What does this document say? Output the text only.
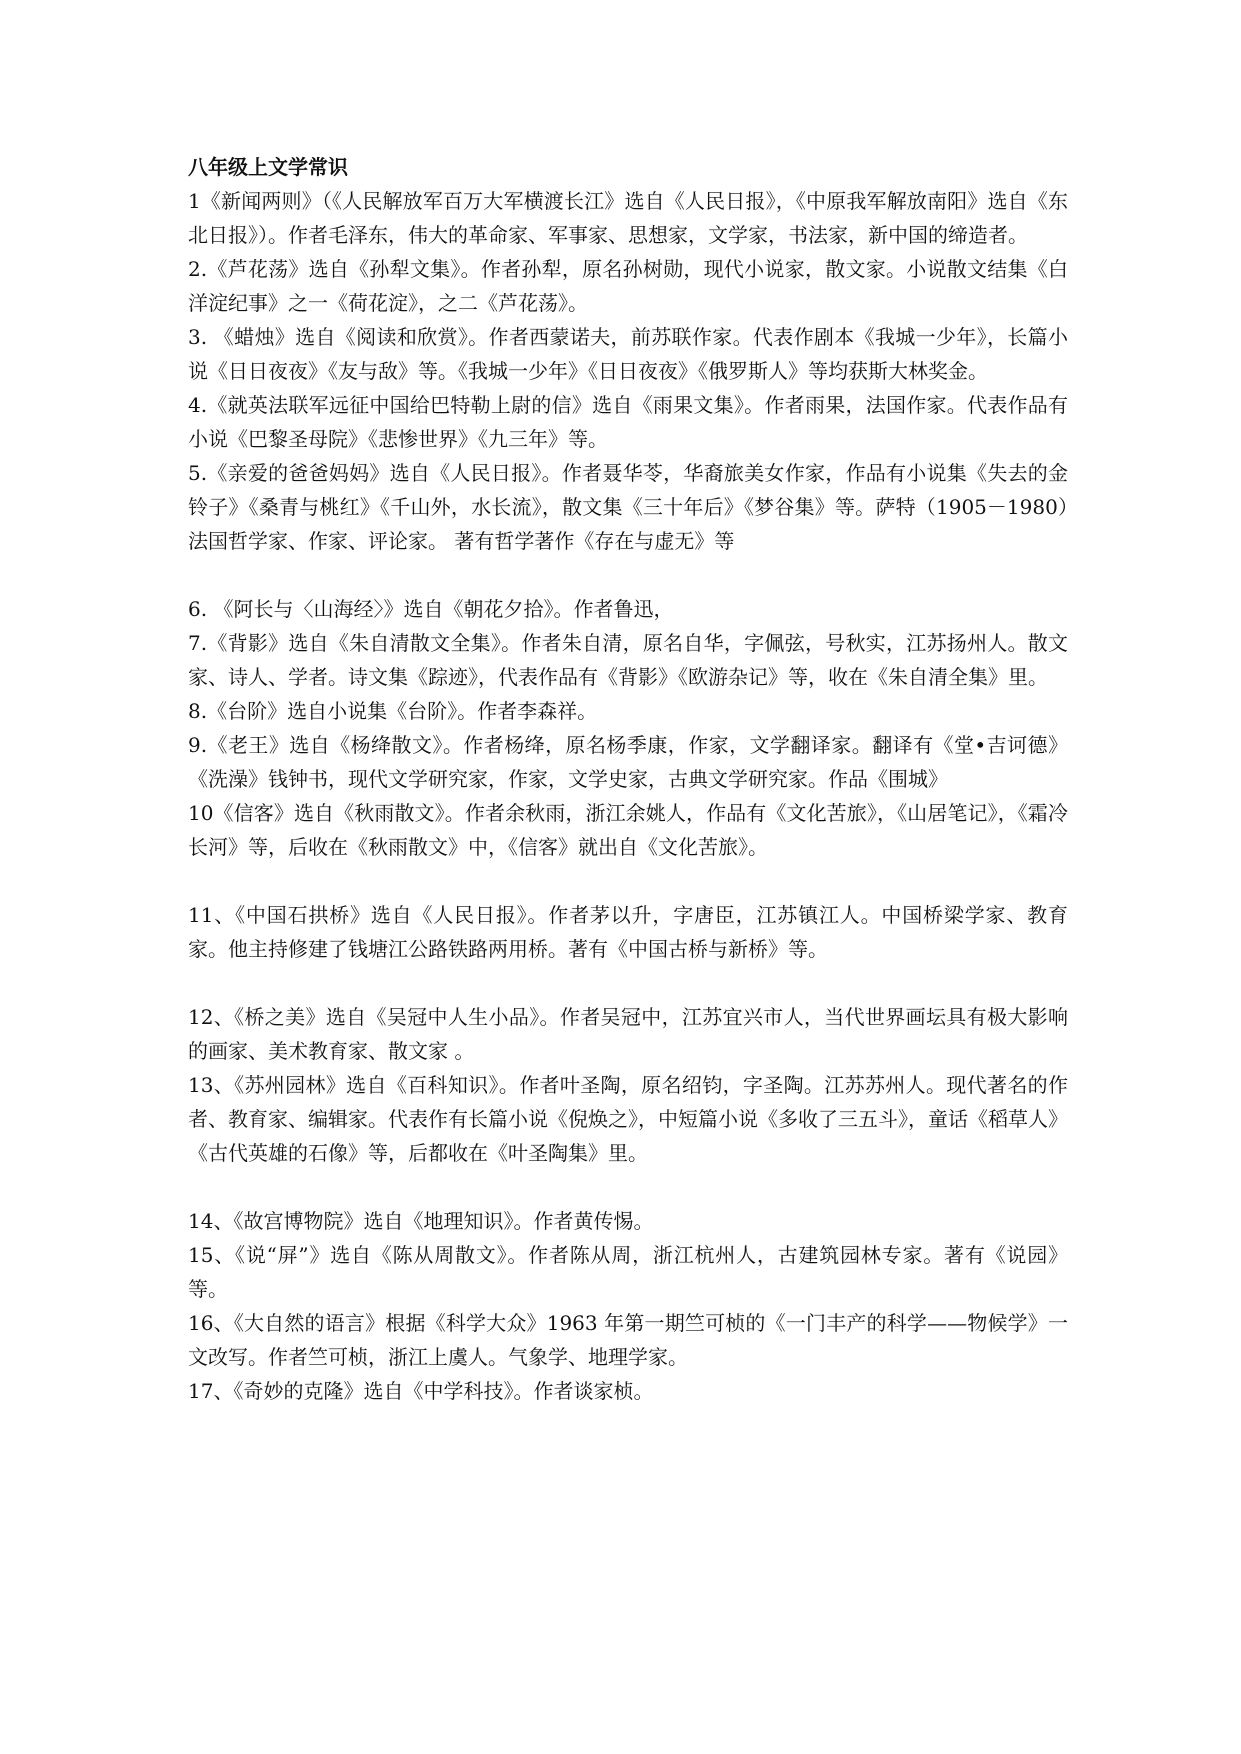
八年级上文学常识

1《新闻两则》（《人民解放军百万大军横渡长江》选自《人民日报》，《中原我军解放南阳》选自《东北日报》）。作者毛泽东，伟大的革命家、军事家、思想家，文学家，书法家，新中国的缔造者。

2.《芦花荡》选自《孙犁文集》。作者孙犁，原名孙树勋，现代小说家，散文家。小说散文结集《白洋淀纪事》之一《荷花淀》，之二《芦花荡》。

3. 《蜡烛》选自《阅读和欣赏》。作者西蒙诺夫，前苏联作家。代表作剧本《我城一少年》，长篇小说《日日夜夜》《友与敌》等。《我城一少年》《日日夜夜》《俄罗斯人》等均获斯大林奖金。

4.《就英法联军远征中国给巴特勒上尉的信》选自《雨果文集》。作者雨果，法国作家。代表作品有小说《巴黎圣母院》《悲惨世界》《九三年》等。

5.《亲爱的爸爸妈妈》选自《人民日报》。作者聂华苓，华裔旅美女作家，作品有小说集《失去的金铃子》《桑青与桃红》《千山外，水长流》，散文集《三十年后》《梦谷集》等。萨特（1905－1980）法国哲学家、作家、评论家。 著有哲学著作《存在与虚无》等

6. 《阿长与〈山海经〉》选自《朝花夕拾》。作者鲁迅，

7.《背影》选自《朱自清散文全集》。作者朱自清，原名自华，字佩弦，号秋实，江苏扬州人。散文家、诗人、学者。诗文集《踪迹》，代表作品有《背影》《欧游杂记》等，收在《朱自清全集》里。

8.《台阶》选自小说集《台阶》。作者李森祥。

9.《老王》选自《杨绛散文》。作者杨绛，原名杨季康，作家，文学翻译家。翻译有《堂•吉诃德》《洗澡》钱钟书，现代文学研究家，作家，文学史家，古典文学研究家。作品《围城》

10《信客》选自《秋雨散文》。作者余秋雨，浙江余姚人，作品有《文化苦旅》，《山居笔记》，《霜冷长河》等，后收在《秋雨散文》中，《信客》就出自《文化苦旅》。

11、《中国石拱桥》选自《人民日报》。作者茅以升，字唐臣，江苏镇江人。中国桥梁学家、教育家。他主持修建了钱塘江公路铁路两用桥。著有《中国古桥与新桥》等。

12、《桥之美》选自《吴冠中人生小品》。作者吴冠中，江苏宜兴市人，当代世界画坛具有极大影响的画家、美术教育家、散文家 。

13、《苏州园林》选自《百科知识》。作者叶圣陶，原名绍钧，字圣陶。江苏苏州人。现代著名的作者、教育家、编辑家。代表作有长篇小说《倪焕之》，中短篇小说《多收了三五斗》，童话《稻草人》《古代英雄的石像》等，后都收在《叶圣陶集》里。

14、《故宫博物院》选自《地理知识》。作者黄传惕。

15、《说“屏”》选自《陈从周散文》。作者陈从周，浙江杭州人，古建筑园林专家。著有《说园》等。

16、《大自然的语言》根据《科学大众》1963 年第一期竺可桢的《一门丰产的科学——物候学》一文改写。作者竺可桢，浙江上虞人。气象学、地理学家。

17、《奇妙的克隆》选自《中学科技》。作者谈家桢。
